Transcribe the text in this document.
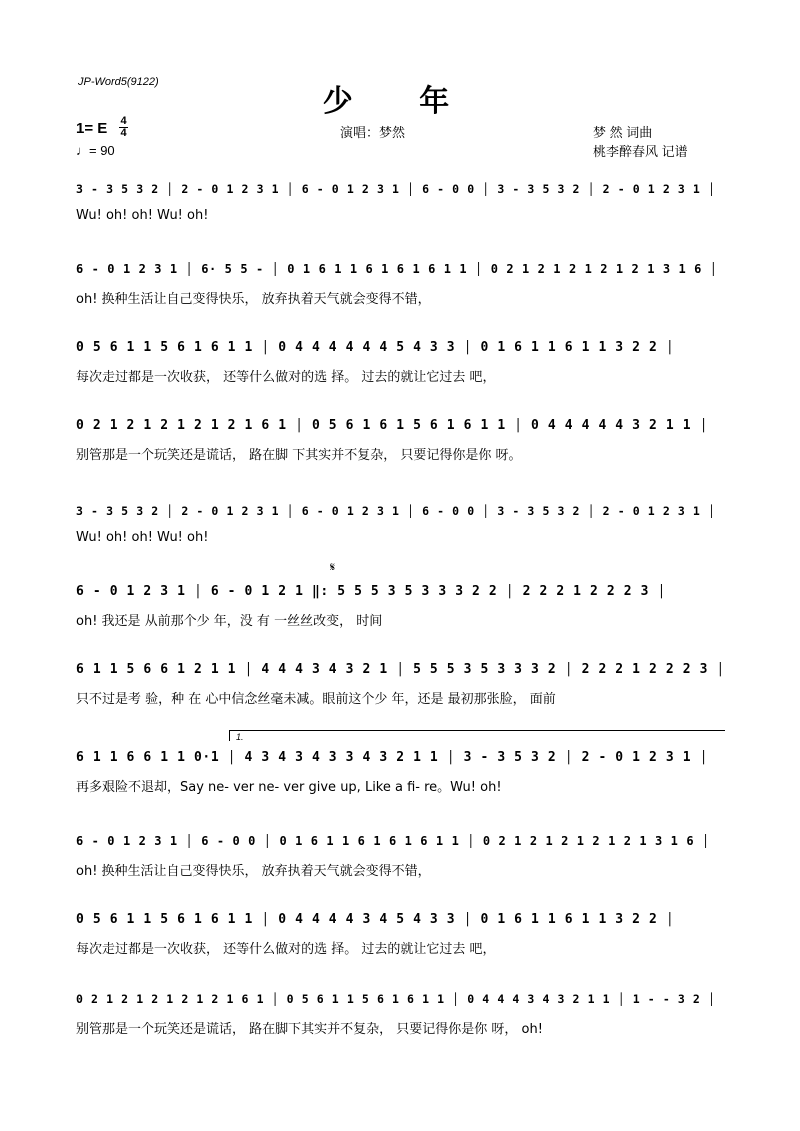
JP-Word5(9122)
少 年
1= E 4
4
♩= 90
演唱：梦然	梦 然 词曲
桃李醉春风 记谱
𝄋
1.
3 - 3 5 3 2 │ 2 - 0 1 2 3 1 │ 6 - 0 1 2 3 1 │ 6 - 0 0 │ 3 - 3 5 3 2 │ 2 - 0 1 2 3 1 │
Wu! oh! oh! Wu! oh!
6 - 0 1 2 3 1 │ 6· 5 5 - │ 0 1 6 1 1 6 1 6 1 6 1 1 │ 0 2 1 2 1 2 1 2 1 2 1 3 1 6 │
oh! 换种生活让自己变得快乐， 放弃执着天气就会变得不错，
0 5 6 1 1 5 6 1 6 1 1 │ 0 4 4 4 4 4 4 5 4 3 3 │ 0 1 6 1 1 6 1 1 3 2 2 │
每次走过都是一次收获， 还等什么做对的选 择。 过去的就让它过去 吧，
0 2 1 2 1 2 1 2 1 2 1 6 1 │ 0 5 6 1 6 1 5 6 1 6 1 1 │ 0 4 4 4 4 4 3 2 1 1 │
别管那是一个玩笑还是谎话， 路在脚 下其实并不复杂， 只要记得你是你 呀。
3 - 3 5 3 2 │ 2 - 0 1 2 3 1 │ 6 - 0 1 2 3 1 │ 6 - 0 0 │ 3 - 3 5 3 2 │ 2 - 0 1 2 3 1 │
Wu! oh! oh! Wu! oh!
6 - 0 1 2 3 1 │ 6 - 0 1 2 1 ‖: 5 5 5 3 5 3 3 3 2 2 │ 2 2 2 1 2 2 2 3 │
oh! 我还是 从前那个少 年，没 有 一丝丝改变， 时间
6 1 1 5 6 6 1 2 1 1 │ 4 4 4 3 4 3 2 1 │ 5 5 5 3 5 3 3 3 2 │ 2 2 2 1 2 2 2 3 │
只不过是考 验，种 在 心中信念丝毫未减。眼前这个少 年，还是 最初那张脸， 面前
6 1 1 6 6 1 1 0·1 │ 4 3 4 3 4 3 3 4 3 2 1 1 │ 3 - 3 5 3 2 │ 2 - 0 1 2 3 1 │
再多艰险不退却，Say ne- ver ne- ver give up, Like a fi- re。Wu! oh!
6 - 0 1 2 3 1 │ 6 - 0 0 │ 0 1 6 1 1 6 1 6 1 6 1 1 │ 0 2 1 2 1 2 1 2 1 2 1 3 1 6 │
oh! 换种生活让自己变得快乐， 放弃执着天气就会变得不错，
0 5 6 1 1 5 6 1 6 1 1 │ 0 4 4 4 4 3 4 5 4 3 3 │ 0 1 6 1 1 6 1 1 3 2 2 │
每次走过都是一次收获， 还等什么做对的选 择。 过去的就让它过去 吧，
0 2 1 2 1 2 1 2 1 2 1 6 1 │ 0 5 6 1 1 5 6 1 6 1 1 │ 0 4 4 4 3 4 3 2 1 1 │ 1 - - 3 2 │
别管那是一个玩笑还是谎话， 路在脚下其实并不复杂， 只要记得你是你 呀， oh!
